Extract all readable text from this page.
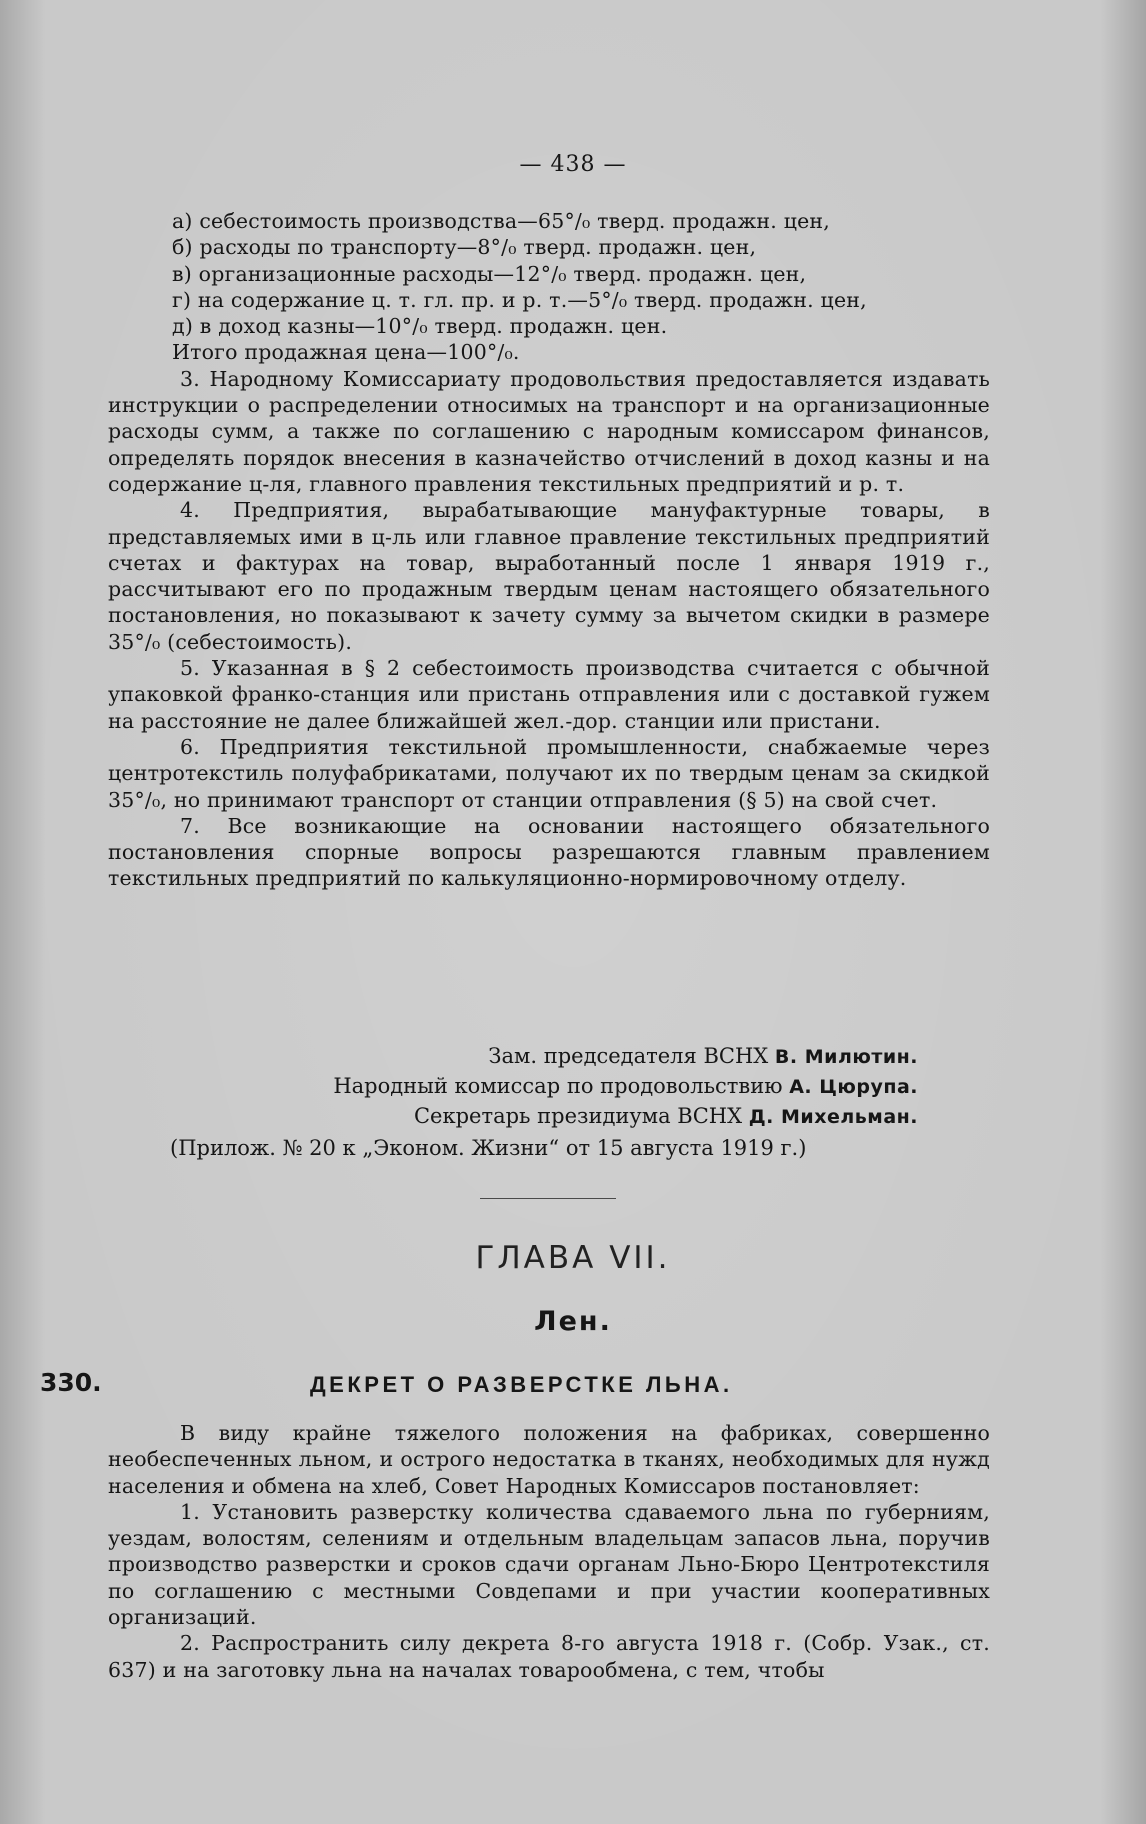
— 438 —

а) себестоимость производства—65°/₀ тверд. продажн. цен,

б) расходы по транспорту—8°/₀ тверд. продажн. цен,

в) организационные расходы—12°/₀ тверд. продажн. цен,

г) на содержание ц. т. гл. пр. и р. т.—5°/₀ тверд. продажн. цен,

д) в доход казны—10°/₀ тверд. продажн. цен.

Итого продажная цена—100°/₀.

3. Народному Комиссариату продовольствия предоставляется издавать инструкции о распределении относимых на транспорт и на организационные расходы сумм, а также по соглашению с народным комиссаром финансов, определять порядок внесения в казначейство отчислений в доход казны и на содержание ц-ля, главного правления текстильных предприятий и р. т.

4. Предприятия, вырабатывающие мануфактурные товары, в представляемых ими в ц-ль или главное правление текстильных предприятий счетах и фактурах на товар, выработанный после 1 января 1919 г., рассчитывают его по продажным твердым ценам настоящего обязательного постановления, но показывают к зачету сумму за вычетом скидки в размере 35°/₀ (себестоимость).

5. Указанная в § 2 себестоимость производства считается с обычной упаковкой франко-станция или пристань отправления или с доставкой гужем на расстояние не далее ближайшей жел.-дор. станции или пристани.

6. Предприятия текстильной промышленности, снабжаемые через центротекстиль полуфабрикатами, получают их по твердым ценам за скидкой 35°/₀, но принимают транспорт от станции отправления (§ 5) на свой счет.

7. Все возникающие на основании настоящего обязательного постановления спорные вопросы разрешаются главным правлением текстильных предприятий по калькуляционно-нормировочному отделу.

Зам. председателя ВСНХ В. Милютин.

Народный комиссар по продовольствию А. Цюрупа.

Секретарь президиума ВСНХ Д. Михельман.

(Прилож. № 20 к „Эконом. Жизни“ от 15 августа 1919 г.)
ГЛАВА VII.
Лен.
330.	ДЕКРЕТ О РАЗВЕРСТКЕ ЛЬНА.

В виду крайне тяжелого положения на фабриках, совершенно необеспеченных льном, и острого недостатка в тканях, необходимых для нужд населения и обмена на хлеб, Совет Народных Комиссаров постановляет:

1. Установить разверстку количества сдаваемого льна по губерниям, уездам, волостям, селениям и отдельным владельцам запасов льна, поручив производство разверстки и сроков сдачи органам Льно-Бюро Центротекстиля по соглашению с местными Совдепами и при участии кооперативных организаций.

2. Распространить силу декрета 8-го августа 1918 г. (Собр. Узак., ст. 637) и на заготовку льна на началах товарообмена, с тем, чтобы
